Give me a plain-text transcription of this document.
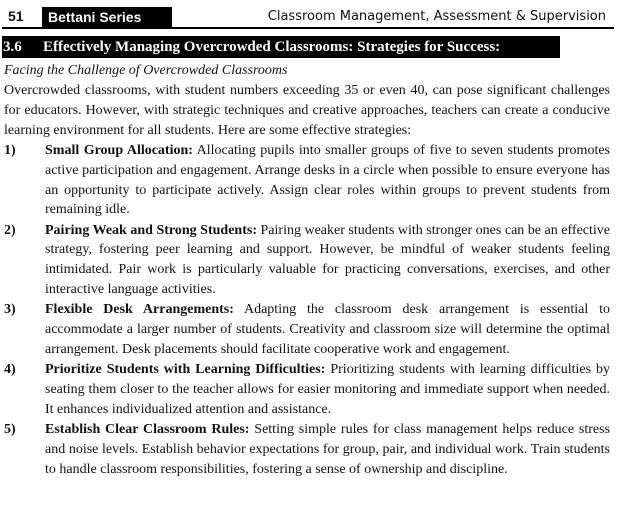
51	Bettani Series	Classroom Management, Assessment & Supervision
3.6 Effectively Managing Overcrowded Classrooms: Strategies for Success:
Facing the Challenge of Overcrowded Classrooms

Overcrowded classrooms, with student numbers exceeding 35 or even 40, can pose significant challenges for educators. However, with strategic techniques and creative approaches, teachers can create a conducive learning environment for all students. Here are some effective strategies:

1)	Small Group Allocation: Allocating pupils into smaller groups of five to seven students promotes active participation and engagement. Arrange desks in a circle when possible to ensure everyone has an opportunity to participate actively. Assign clear roles within groups to prevent students from remaining idle.

2)	Pairing Weak and Strong Students: Pairing weaker students with stronger ones can be an effective strategy, fostering peer learning and support. However, be mindful of weaker students feeling intimidated. Pair work is particularly valuable for practicing conversations, exercises, and other interactive language activities.

3)	Flexible Desk Arrangements: Adapting the classroom desk arrangement is essential to accommodate a larger number of students. Creativity and classroom size will determine the optimal arrangement. Desk placements should facilitate cooperative work and engagement.

4)	Prioritize Students with Learning Difficulties: Prioritizing students with learning difficulties by seating them closer to the teacher allows for easier monitoring and immediate support when needed. It enhances individualized attention and assistance.

5)	Establish Clear Classroom Rules: Setting simple rules for class management helps reduce stress and noise levels. Establish behavior expectations for group, pair, and individual work. Train students to handle classroom responsibilities, fostering a sense of ownership and discipline.
